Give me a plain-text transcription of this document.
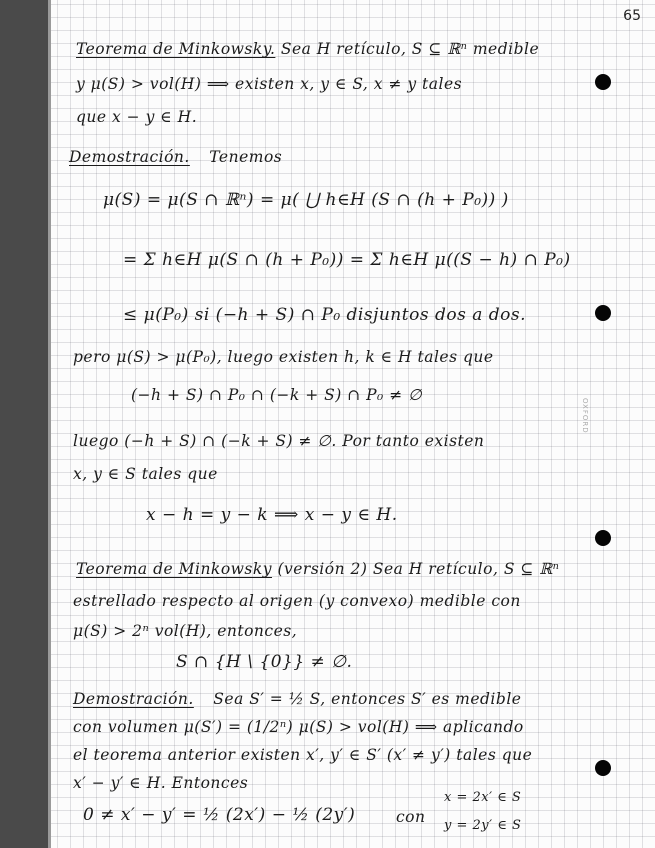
65
OXFORD
Teorema de Minkowsky. Sea H retículo, S ⊆ ℝⁿ medible
y μ(S) > vol(H) ⟹ existen x, y ∈ S, x ≠ y tales
que x − y ∈ H.
Demostración. Tenemos
μ(S) = μ(S ∩ ℝⁿ) = μ( ⋃ h∈H (S ∩ (h + P₀)) )
= Σ h∈H μ(S ∩ (h + P₀)) = Σ h∈H μ((S − h) ∩ P₀)
≤ μ(P₀) si (−h + S) ∩ P₀ disjuntos dos a dos.
pero μ(S) > μ(P₀), luego existen h, k ∈ H tales que
(−h + S) ∩ P₀ ∩ (−k + S) ∩ P₀ ≠ ∅
luego (−h + S) ∩ (−k + S) ≠ ∅. Por tanto existen
x, y ∈ S tales que
x − h = y − k ⟹ x − y ∈ H.
Teorema de Minkowsky (versión 2) Sea H retículo, S ⊆ ℝⁿ
estrellado respecto al origen (y convexo) medible con
μ(S) > 2ⁿ vol(H), entonces,
S ∩ {H \ {0}} ≠ ∅.
Demostración. Sea S′ = ½ S, entonces S′ es medible
con volumen μ(S′) = (1/2ⁿ) μ(S) > vol(H) ⟹ aplicando
el teorema anterior existen x′, y′ ∈ S′ (x′ ≠ y′) tales que
x′ − y′ ∈ H. Entonces
0 ≠ x′ − y′ = ½ (2x′) − ½ (2y′)	con
x = 2x′ ∈ S
y = 2y′ ∈ S
